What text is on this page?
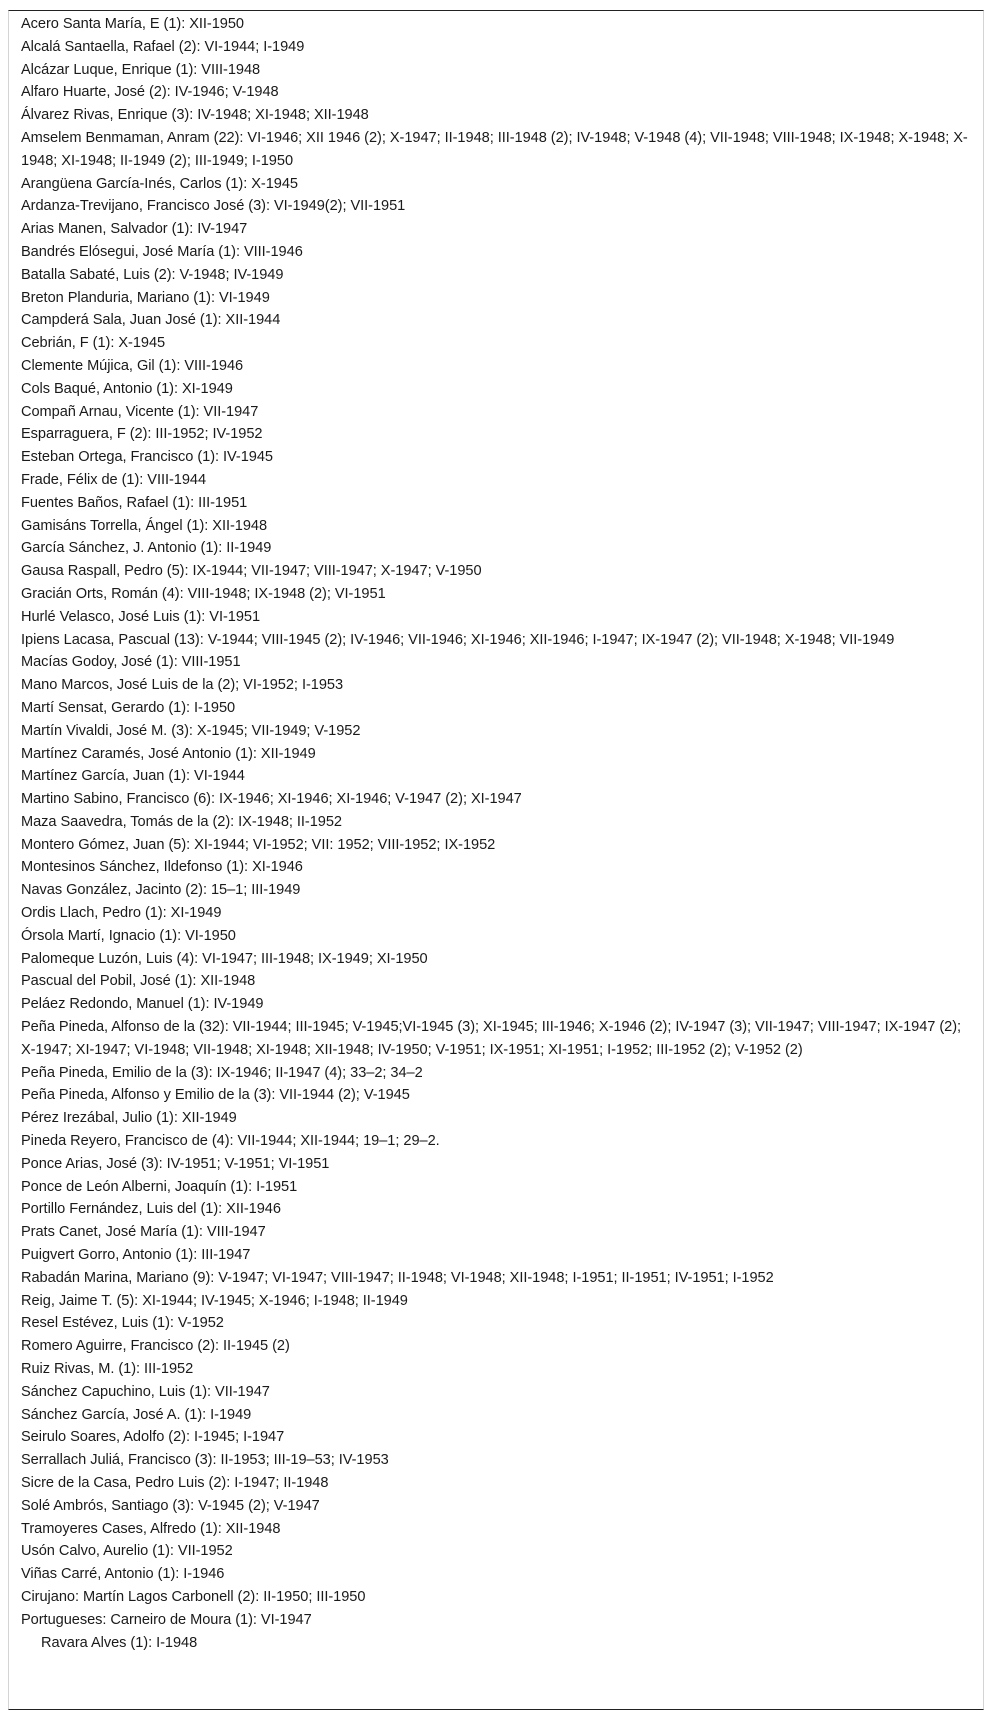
Acero Santa María, E (1): XII-1950
Alcalá Santaella, Rafael (2): VI-1944; I-1949
Alcázar Luque, Enrique (1): VIII-1948
Alfaro Huarte, José (2): IV-1946; V-1948
Álvarez Rivas, Enrique (3): IV-1948; XI-1948; XII-1948
Amselem Benmaman, Anram (22): VI-1946; XII 1946 (2); X-1947; II-1948; III-1948 (2); IV-1948; V-1948 (4); VII-1948; VIII-1948; IX-1948; X-1948; X-1948; XI-1948; II-1949 (2); III-1949; I-1950
Arangüena García-Inés, Carlos (1): X-1945
Ardanza-Trevijano, Francisco José (3): VI-1949(2); VII-1951
Arias Manen, Salvador (1): IV-1947
Bandrés Elósegui, José María (1): VIII-1946
Batalla Sabaté, Luis (2): V-1948; IV-1949
Breton Planduria, Mariano (1): VI-1949
Campderá Sala, Juan José (1): XII-1944
Cebrián, F (1): X-1945
Clemente Mújica, Gil (1): VIII-1946
Cols Baqué, Antonio (1): XI-1949
Compañ Arnau, Vicente (1): VII-1947
Esparraguera, F (2): III-1952; IV-1952
Esteban Ortega, Francisco (1): IV-1945
Frade, Félix de (1): VIII-1944
Fuentes Baños, Rafael (1): III-1951
Gamisáns Torrella, Ángel (1): XII-1948
García Sánchez, J. Antonio (1): II-1949
Gausa Raspall, Pedro (5): IX-1944; VII-1947; VIII-1947; X-1947; V-1950
Gracián Orts, Román (4): VIII-1948; IX-1948 (2); VI-1951
Hurlé Velasco, José Luis (1): VI-1951
Ipiens Lacasa, Pascual (13): V-1944; VIII-1945 (2); IV-1946; VII-1946; XI-1946; XII-1946; I-1947; IX-1947 (2); VII-1948; X-1948; VII-1949
Macías Godoy, José (1): VIII-1951
Mano Marcos, José Luis de la (2); VI-1952; I-1953
Martí Sensat, Gerardo (1): I-1950
Martín Vivaldi, José M. (3): X-1945; VII-1949; V-1952
Martínez Caramés, José Antonio (1): XII-1949
Martínez García, Juan (1): VI-1944
Martino Sabino, Francisco (6): IX-1946; XI-1946; XI-1946; V-1947 (2); XI-1947
Maza Saavedra, Tomás de la (2): IX-1948; II-1952
Montero Gómez, Juan (5): XI-1944; VI-1952; VII: 1952; VIII-1952; IX-1952
Montesinos Sánchez, Ildefonso (1): XI-1946
Navas González, Jacinto (2): 15–1; III-1949
Ordis Llach, Pedro (1): XI-1949
Órsola Martí, Ignacio (1): VI-1950
Palomeque Luzón, Luis (4): VI-1947; III-1948; IX-1949; XI-1950
Pascual del Pobil, José (1): XII-1948
Peláez Redondo, Manuel (1): IV-1949
Peña Pineda, Alfonso de la (32): VII-1944; III-1945; V-1945;VI-1945 (3); XI-1945; III-1946; X-1946 (2); IV-1947 (3); VII-1947; VIII-1947; IX-1947 (2); X-1947; XI-1947; VI-1948; VII-1948; XI-1948; XII-1948; IV-1950; V-1951; IX-1951; XI-1951; I-1952; III-1952 (2); V-1952 (2)
Peña Pineda, Emilio de la (3): IX-1946; II-1947 (4); 33–2; 34–2
Peña Pineda, Alfonso y Emilio de la (3): VII-1944 (2); V-1945
Pérez Irezábal, Julio (1): XII-1949
Pineda Reyero, Francisco de (4): VII-1944; XII-1944; 19–1; 29–2.
Ponce Arias, José (3): IV-1951; V-1951; VI-1951
Ponce de León Alberni, Joaquín (1): I-1951
Portillo Fernández, Luis del (1): XII-1946
Prats Canet, José María (1): VIII-1947
Puigvert Gorro, Antonio (1): III-1947
Rabadán Marina, Mariano (9): V-1947; VI-1947; VIII-1947; II-1948; VI-1948; XII-1948; I-1951; II-1951; IV-1951; I-1952
Reig, Jaime T. (5): XI-1944; IV-1945; X-1946; I-1948; II-1949
Resel Estévez, Luis (1): V-1952
Romero Aguirre, Francisco (2): II-1945 (2)
Ruiz Rivas, M. (1): III-1952
Sánchez Capuchino, Luis (1): VII-1947
Sánchez García, José A. (1): I-1949
Seirulo Soares, Adolfo (2): I-1945; I-1947
Serrallach Juliá, Francisco (3): II-1953; III-19–53; IV-1953
Sicre de la Casa, Pedro Luis (2): I-1947; II-1948
Solé Ambrós, Santiago (3): V-1945 (2); V-1947
Tramoyeres Cases, Alfredo (1): XII-1948
Usón Calvo, Aurelio (1): VII-1952
Viñas Carré, Antonio (1): I-1946
Cirujano: Martín Lagos Carbonell (2): II-1950; III-1950
Portugueses: Carneiro de Moura (1): VI-1947
Ravara Alves (1): I-1948
